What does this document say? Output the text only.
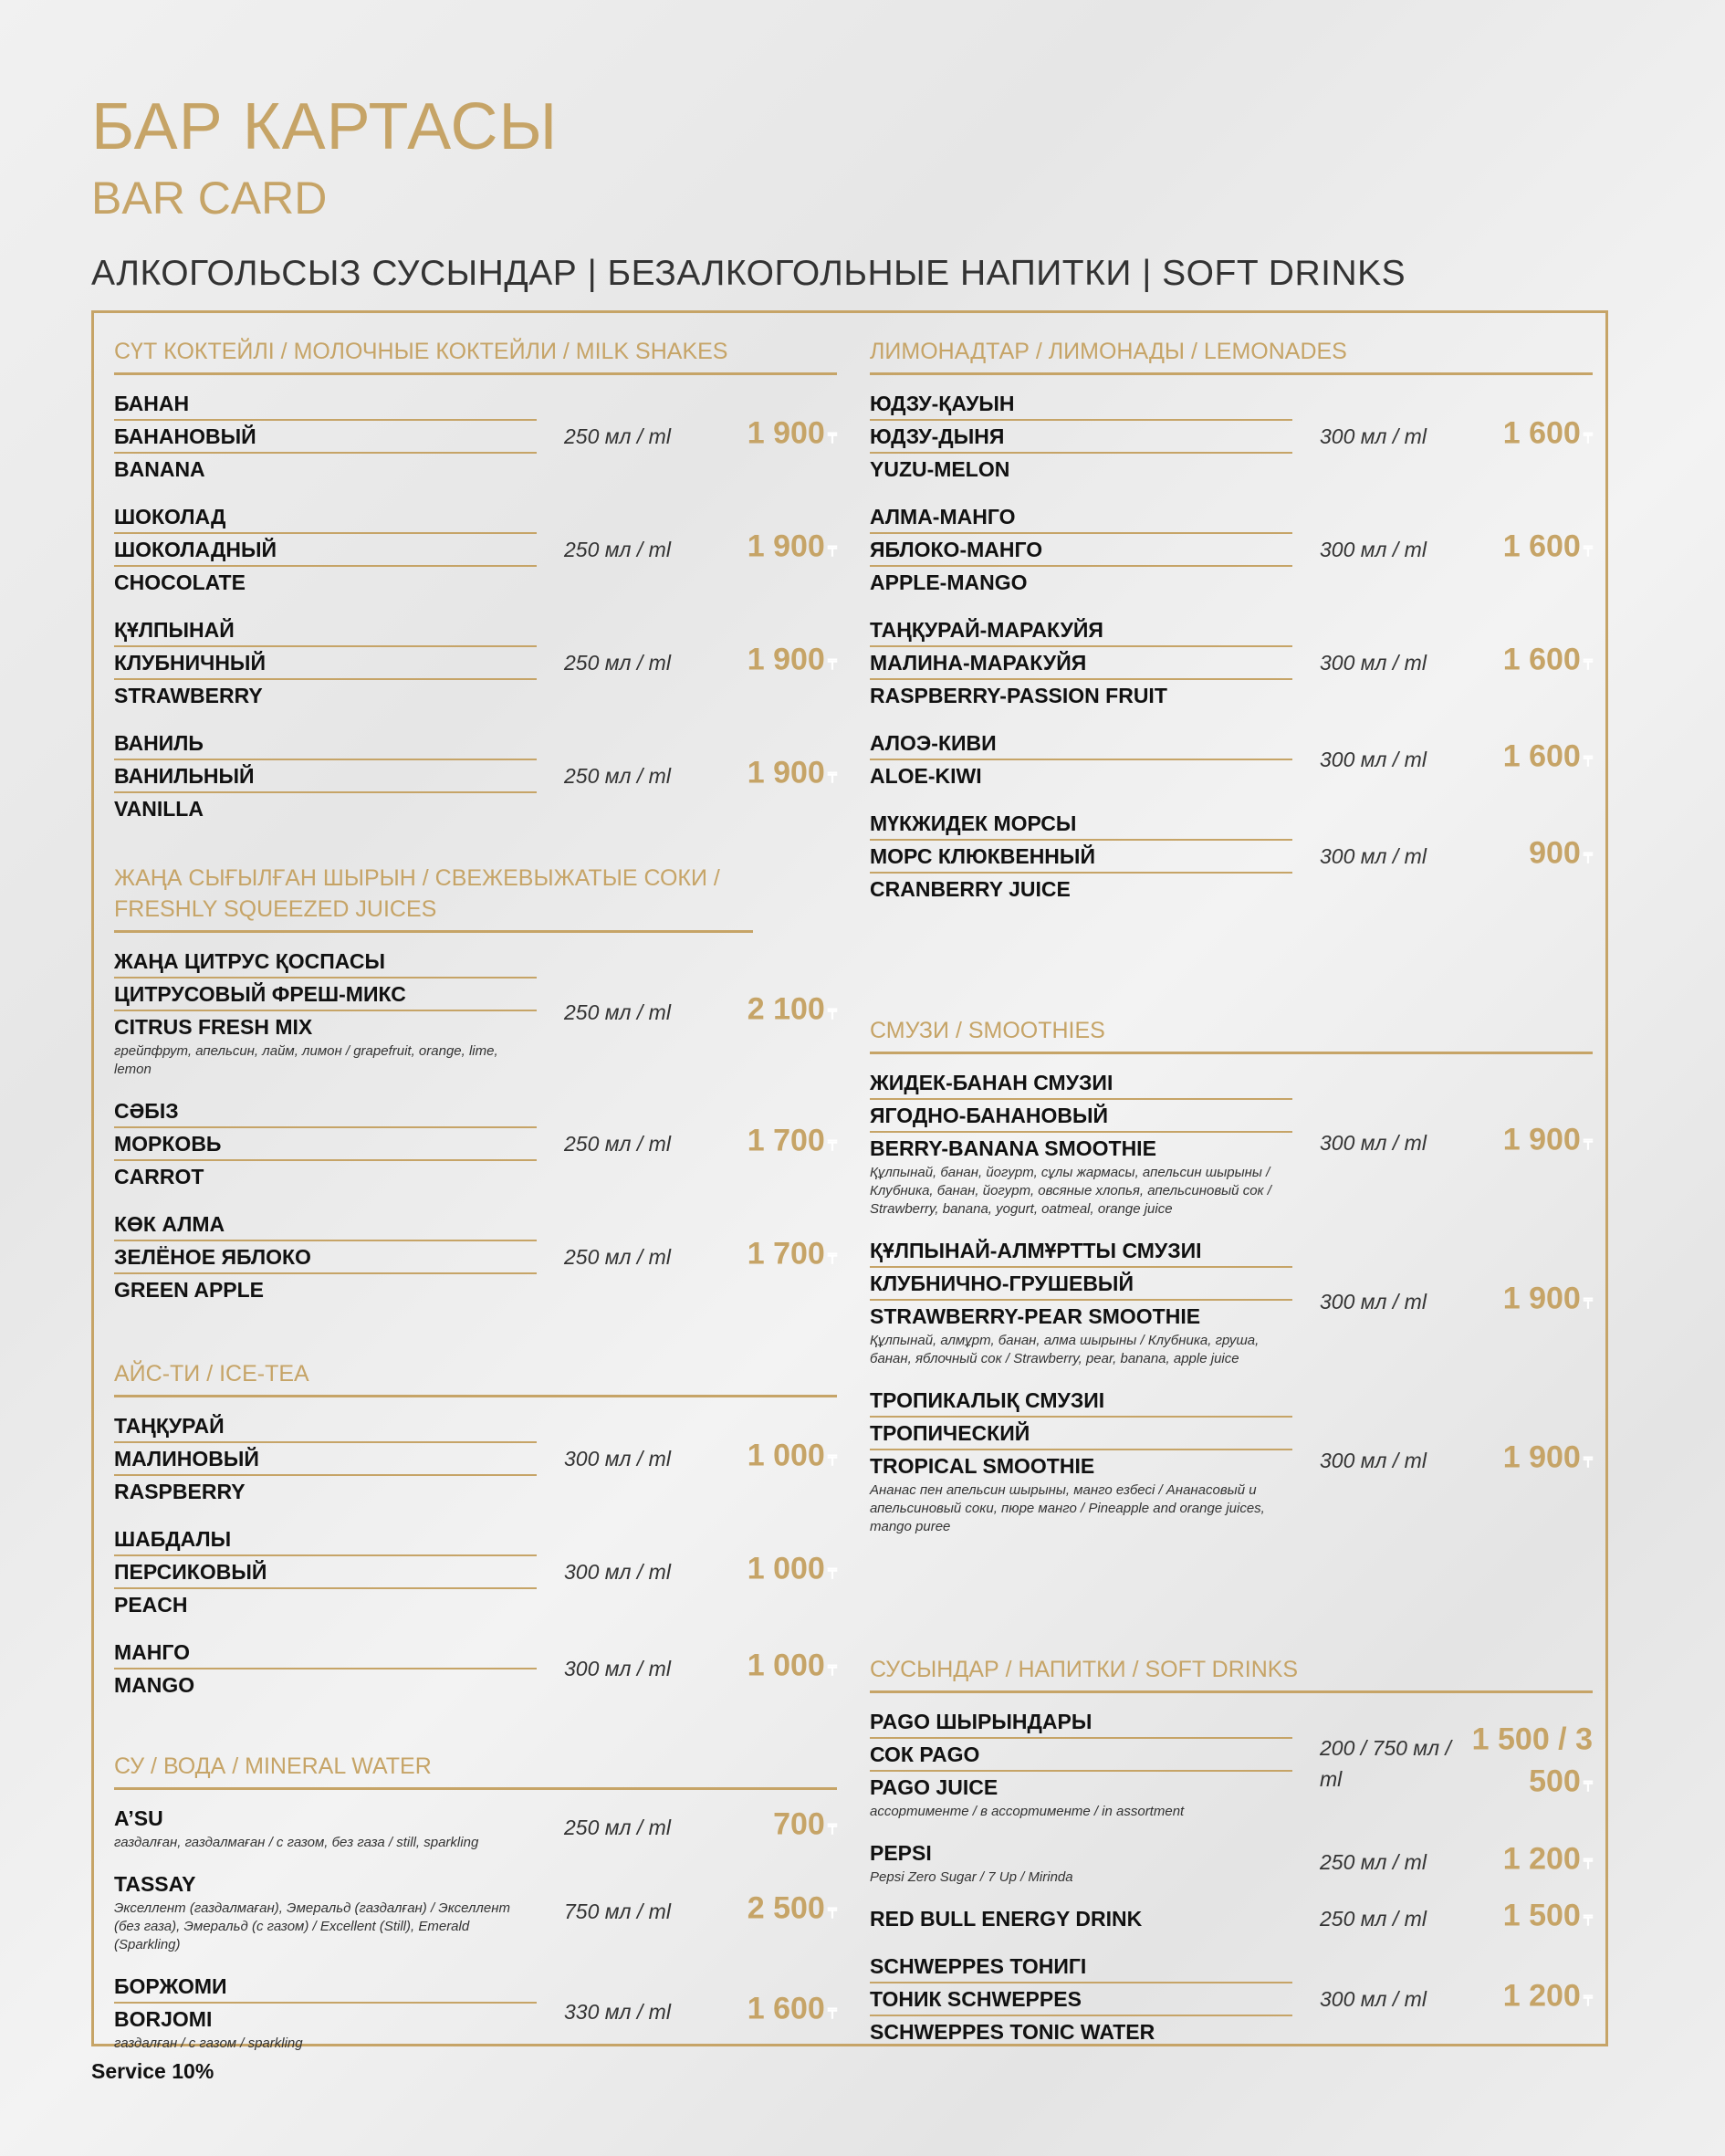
БАР КАРТАСЫ
BAR CARD
АЛКОГОЛЬСЫЗ СУСЫНДАР | БЕЗАЛКОГОЛЬНЫЕ НАПИТКИ | SOFT DRINKS
СҮТ КОКТЕЙЛІ / МОЛОЧНЫЕ КОКТЕЙЛИ / MILK SHAKES
БАНАН
БАНАНОВЫЙ
BANANA
250 мл / ml	1 900 ₸
ШОКОЛАД
ШОКОЛАДНЫЙ
CHOCOLATE
250 мл / ml	1 900 ₸
ҚҰЛПЫНАЙ
КЛУБНИЧНЫЙ
STRAWBERRY
250 мл / ml	1 900 ₸
ВАНИЛЬ
ВАНИЛЬНЫЙ
VANILLA
250 мл / ml	1 900 ₸
ЖАҢА СЫҒЫЛҒАН ШЫРЫН / СВЕЖЕВЫЖАТЫЕ СОКИ / FRESHLY SQUEEZED JUICES
ЖАҢА ЦИТРУС ҚОСПАСЫ
ЦИТРУСОВЫЙ ФРЕШ-МИКС
CITRUS FRESH MIX
грейпфрут, апельсин, лайм, лимон / grapefruit, orange, lime, lemon
250 мл / ml	2 100 ₸
СӘБІЗ
МОРКОВЬ
CARROT
250 мл / ml	1 700 ₸
КӨК АЛМА
ЗЕЛЁНОЕ ЯБЛОКО
GREEN APPLE
250 мл / ml	1 700 ₸
АЙС-ТИ / ICE-TEA
ТАҢҚУРАЙ
МАЛИНОВЫЙ
RASPBERRY
300 мл / ml	1 000 ₸
ШАБДАЛЫ
ПЕРСИКОВЫЙ
PEACH
300 мл / ml	1 000 ₸
МАНГО
MANGO
300 мл / ml	1 000 ₸
СУ / ВОДА / MINERAL WATER
A’SU
газдалған, газдалмаған / с газом, без газа / still, sparkling
250 мл / ml	700 ₸
TASSAY
Экселлент (газдалмаған), Эмеральд (газдалған) / Экселлент (без газа), Эмеральд (с газом) / Excellent (Still), Emerald (Sparkling)
750 мл / ml	2 500 ₸
БОРЖОМИ
BORJOMI
газдалған / с газом / sparkling
330 мл / ml	1 600 ₸
ЛИМОНАДТАР / ЛИМОНАДЫ / LEMONADES
ЮДЗУ-ҚАУЫН
ЮДЗУ-ДЫНЯ
YUZU-MELON
300 мл / ml	1 600 ₸
АЛМА-МАНГО
ЯБЛОКО-МАНГО
APPLE-MANGO
300 мл / ml	1 600 ₸
ТАҢҚУРАЙ-МАРАКУЙЯ
МАЛИНА-МАРАКУЙЯ
RASPBERRY-PASSION FRUIT
300 мл / ml	1 600 ₸
АЛОЭ-КИВИ
ALOE-KIWI
300 мл / ml	1 600 ₸
МҮКЖИДЕК МОРСЫ
МОРС КЛЮКВЕННЫЙ
CRANBERRY JUICE
300 мл / ml	900 ₸
СМУЗИ / SMOOTHIES
ЖИДЕК-БАНАН СМУЗИІ
ЯГОДНО-БАНАНОВЫЙ
BERRY-BANANA SMOOTHIE
Құлпынай, банан, йогурт, сұлы жармасы, апельсин шырыны / Клубника, банан, йогурт, овсяные хлопья, апельсиновый сок / Strawberry, banana, yogurt, oatmeal, orange juice
300 мл / ml	1 900 ₸
ҚҰЛПЫНАЙ-АЛМҰРТТЫ СМУЗИІ
КЛУБНИЧНО-ГРУШЕВЫЙ
STRAWBERRY-PEAR SMOOTHIE
Құлпынай, алмұрт, банан, алма шырыны / Клубника, груша, банан, яблочный сок / Strawberry, pear, banana, apple juice
300 мл / ml	1 900 ₸
ТРОПИКАЛЫҚ СМУЗИІ
ТРОПИЧЕСКИЙ
TROPICAL SMOOTHIE
Ананас пен апельсин шырыны, манго езбесі / Ананасовый и апельсиновый соки, пюре манго / Pineapple and orange juices, mango puree
300 мл / ml	1 900 ₸
СУСЫНДАР / НАПИТКИ / SOFT DRINKS
PAGO ШЫРЫНДАРЫ
СОК PAGO
PAGO JUICE
ассортименте / в ассортименте / in assortment
200 / 750 мл / ml
1 500 / 3 500 ₸
PEPSI
Pepsi Zero Sugar / 7 Up / Mirinda
250 мл / ml	1 200 ₸
RED BULL ENERGY DRINK	250 мл / ml	1 500 ₸
SCHWEPPES ТОНИГІ
ТОНИК SCHWEPPES
SCHWEPPES TONIC WATER
300 мл / ml	1 200 ₸
Service 10%
